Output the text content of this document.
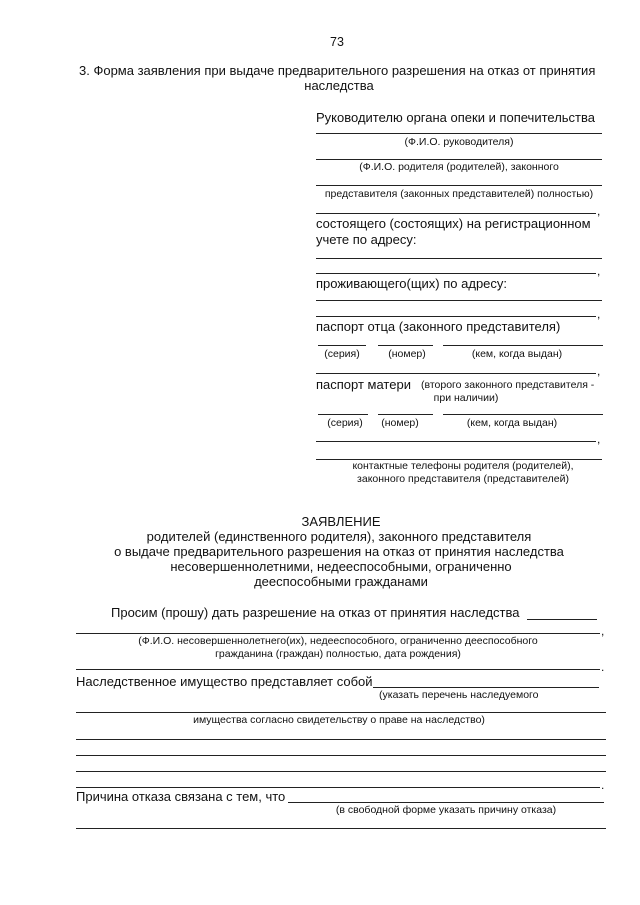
73
3. Форма заявления при выдаче предварительного разрешения на отказ от принятия
наследства
Руководителю органа опеки и попечительства
(Ф.И.О. руководителя)
(Ф.И.О. родителя (родителей), законного
представителя (законных представителей) полностью)
,
состоящего (состоящих) на регистрационном
учете по адресу:
,
проживающего(щих) по адресу:
,
паспорт отца (законного представителя)
(серия)	(номер)	(кем, когда выдан)
,
паспорт матери (второго законного представителя -
при наличии)
(серия) (номер)	(кем, когда выдан)
,
контактные телефоны родителя (родителей),
законного представителя (представителей)
ЗАЯВЛЕНИЕ
родителей (единственного родителя), законного представителя
о выдаче предварительного разрешения на отказ от принятия наследства
несовершеннолетними, недееспособными, ограниченно
дееспособными гражданами
Просим (прошу) дать разрешение на отказ от принятия наследства
,
(Ф.И.О. несовершеннолетнего(их), недееспособного, ограниченно дееспособного
гражданина (граждан) полностью, дата рождения)
.
Наследственное имущество представляет собой
(указать перечень наследуемого
имущества согласно свидетельству о праве на наследство)
.
Причина отказа связана с тем, что
(в свободной форме указать причину отказа)
